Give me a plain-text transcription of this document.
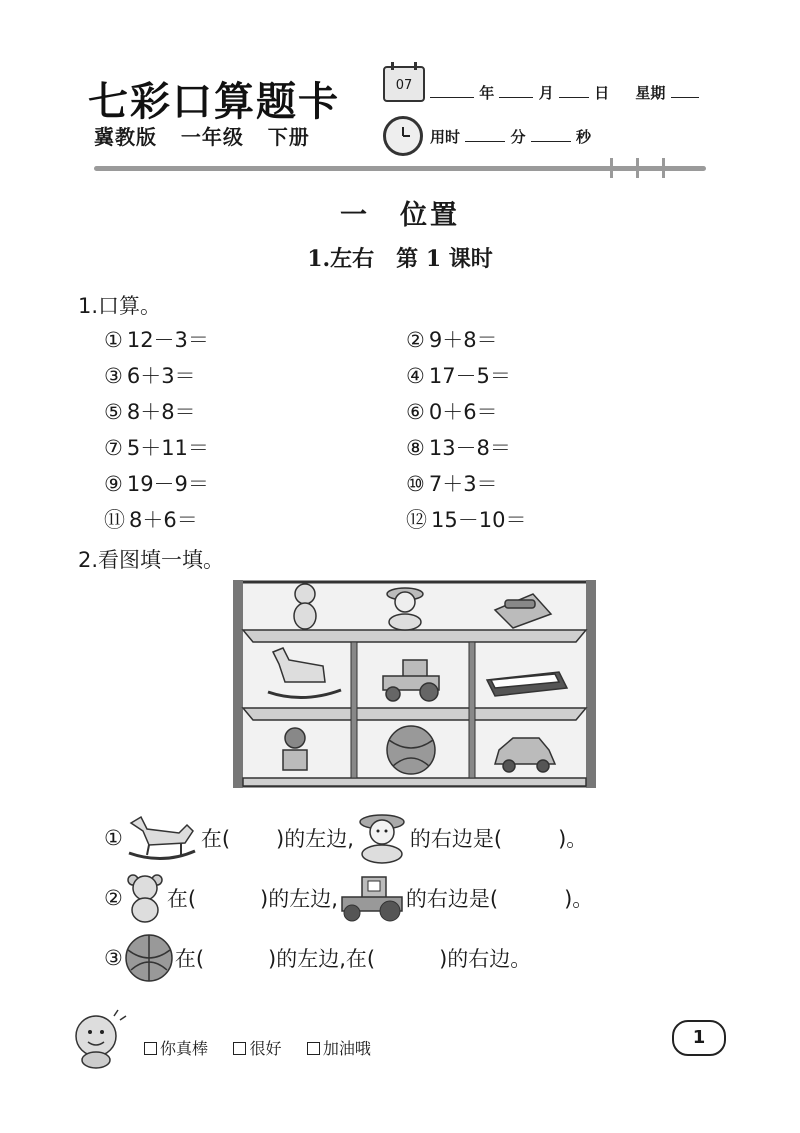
七彩口算题卡
冀教版 一年级 下册
07	年	月	日 星期
用时	分	秒
一　位置
1.左右　第 1 课时
1.口算。
① 12－3＝	② 9＋8＝
③ 6＋3＝	④ 17－5＝
⑤ 8＋8＝	⑥ 0＋6＝
⑦ 5＋11＝	⑧ 13－8＝
⑨ 19－9＝	⑩ 7＋3＝
⑪ 8＋6＝	⑫ 15－10＝
2.看图填一填。
①	在( )的左边,	的右边是(	)。
② 在(	)的左边,	的右边是(	)。
③ 在(	)的左边,在(	)的右边。
你真棒	很好	加油哦
1
